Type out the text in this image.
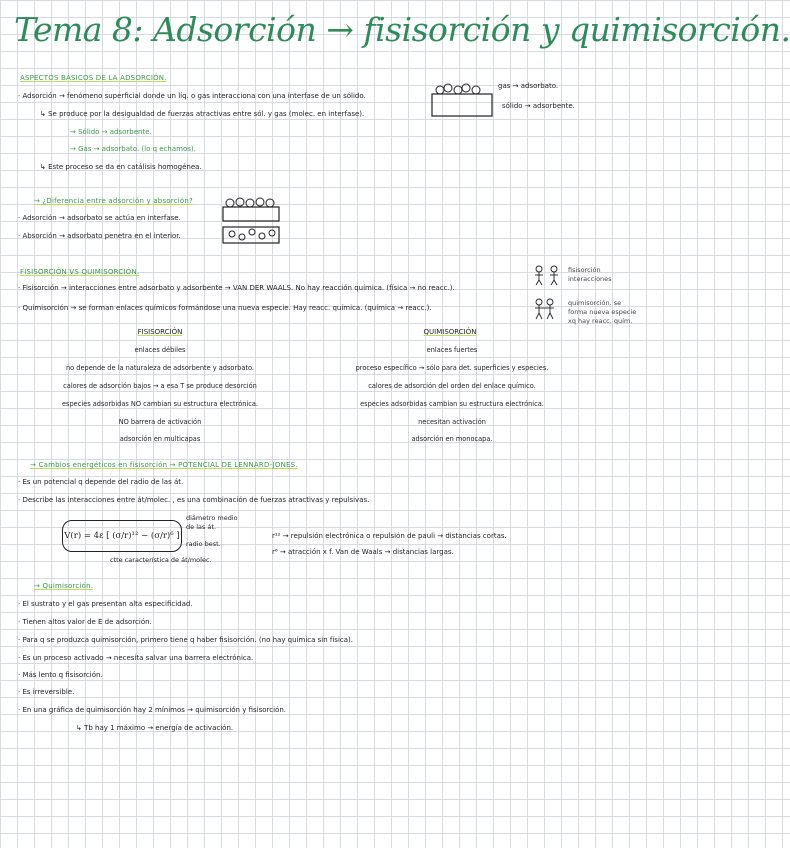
Tema 8: Adsorción → fisisorción y quimisorción.
ASPECTOS BÁSICOS DE LA ADSORCIÓN.
· Adsorción → fenómeno superficial donde un líq. o gas interacciona con una interfase de un sólido.
↳ Se produce por la desigualdad de fuerzas atractivas entre sól. y gas (molec. en interfase).
→ Sólido → adsorbente.
→ Gas → adsorbato. (lo q echamos).
↳ Este proceso se da en catálisis homogénea.
gas → adsorbato.
sólido → adsorbente.
→ ¿Diferencia entre adsorción y absorción?
· Adsorción → adsorbato se actúa en interfase.
· Absorción → adsorbato penetra en el interior.
FISISORCIÓN VS QUIMISORCIÓN.
· Fisisorción → interacciones entre adsorbato y adsorbente → VAN DER WAALS. No hay reacción química. (física → no reacc.).
· Quimisorción → se forman enlaces químicos formándose una nueva especie. Hay reacc. química. (química → reacc.).
fisisorción interacciones
quimisorción. se forma nueva especie xq hay reacc. quím.
FISISORCIÓN	QUIMISORCIÓN
enlaces débiles
no depende de la naturaleza de adsorbente y adsorbato.
calores de adsorción bajos → a esa T se produce desorción
especies adsorbidas NO cambian su estructura electrónica.
NO barrera de activación
adsorción en multicapas
enlaces fuertes
proceso específico → sólo para det. superficies y especies.
calores de adsorción del orden del enlace químico.
especies adsorbidas cambian su estructura electrónica.
necesitan activación
adsorción en monocapa.
→ Cambios energéticos en fisisorción → POTENCIAL DE LENNARD-JONES.
· Es un potencial q depende del radio de las át.
· Describe las interacciones entre át/molec. , es una combinación de fuerzas atractivas y repulsivas.
V(r) = 4ε [ (σ/r)¹² − (σ/r)⁶ ]
diámetro medio de las át.
radio best.
ctte característica de át/molec.
r¹² → repulsión electrónica o repulsión de pauli → distancias cortas.
r⁶ → atracción x f. Van de Waals → distancias largas.
→ Quimisorción.
· El sustrato y el gas presentan alta especificidad.
· Tienen altos valor de E de adsorción.
· Para q se produzca quimisorción, primero tiene q haber fisisorción. (no hay química sin física).
· Es un proceso activado → necesita salvar una barrera electrónica.
· Más lento q fisisorción.
· Es irreversible.
· En una gráfica de quimisorción hay 2 mínimos → quimisorción y fisisorción.
↳ Tb hay 1 máximo → energía de activación.
